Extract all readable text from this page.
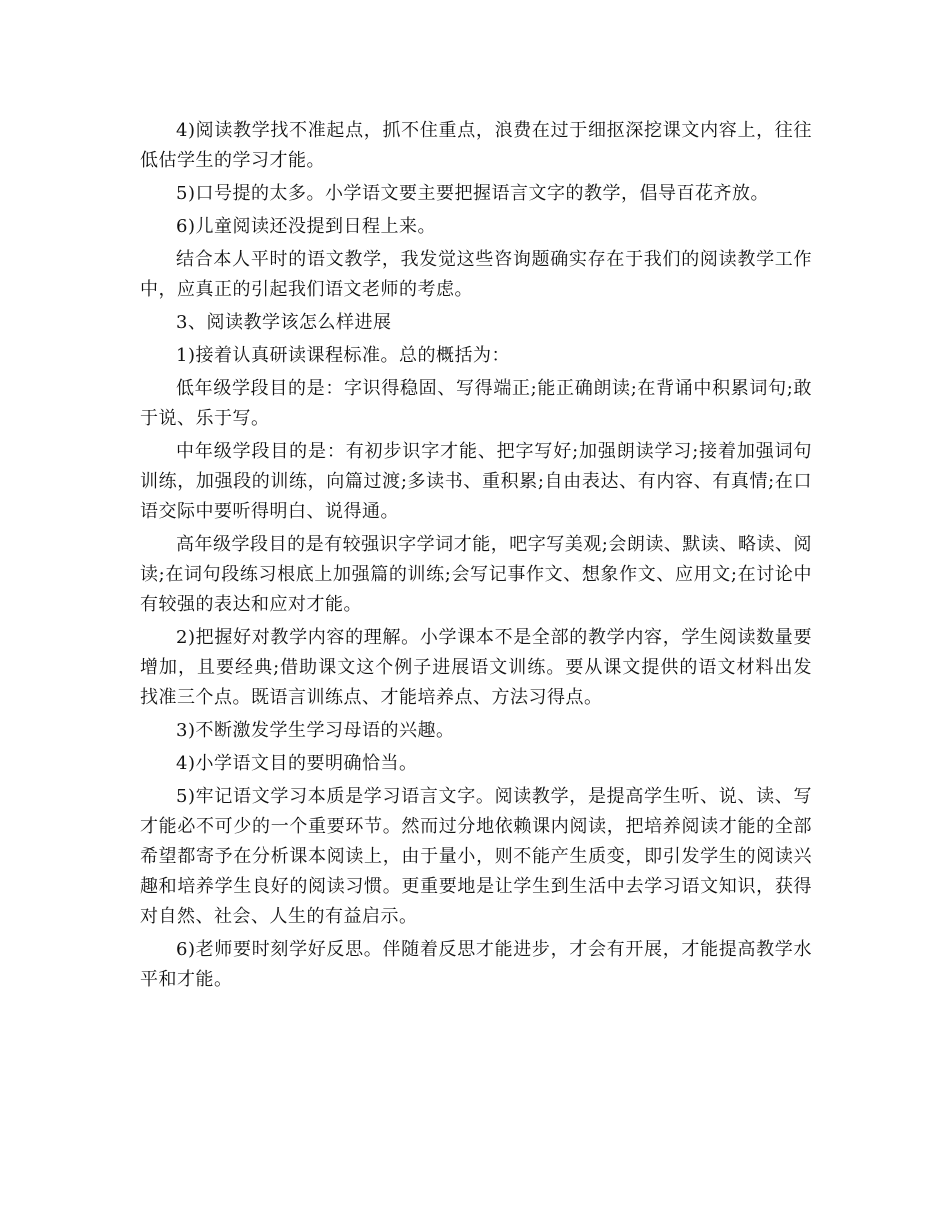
4)阅读教学找不准起点，抓不住重点，浪费在过于细抠深挖课文内容上，往往低估学生的学习才能。

5)口号提的太多。小学语文要主要把握语言文字的教学，倡导百花齐放。

6)儿童阅读还没提到日程上来。

结合本人平时的语文教学，我发觉这些咨询题确实存在于我们的阅读教学工作中，应真正的引起我们语文老师的考虑。

3、阅读教学该怎么样进展

1)接着认真研读课程标准。总的概括为：

低年级学段目的是：字识得稳固、写得端正;能正确朗读;在背诵中积累词句;敢于说、乐于写。

中年级学段目的是：有初步识字才能、把字写好;加强朗读学习;接着加强词句训练，加强段的训练，向篇过渡;多读书、重积累;自由表达、有内容、有真情;在口语交际中要听得明白、说得通。

高年级学段目的是有较强识字学词才能，吧字写美观;会朗读、默读、略读、阅读;在词句段练习根底上加强篇的训练;会写记事作文、想象作文、应用文;在讨论中有较强的表达和应对才能。

2)把握好对教学内容的理解。小学课本不是全部的教学内容，学生阅读数量要增加，且要经典;借助课文这个例子进展语文训练。要从课文提供的语文材料出发找准三个点。既语言训练点、才能培养点、方法习得点。

3)不断激发学生学习母语的兴趣。

4)小学语文目的要明确恰当。

5)牢记语文学习本质是学习语言文字。阅读教学，是提高学生听、说、读、写才能必不可少的一个重要环节。然而过分地依赖课内阅读，把培养阅读才能的全部希望都寄予在分析课本阅读上，由于量小，则不能产生质变，即引发学生的阅读兴趣和培养学生良好的阅读习惯。更重要地是让学生到生活中去学习语文知识，获得对自然、社会、人生的有益启示。

6)老师要时刻学好反思。伴随着反思才能进步，才会有开展，才能提高教学水平和才能。
